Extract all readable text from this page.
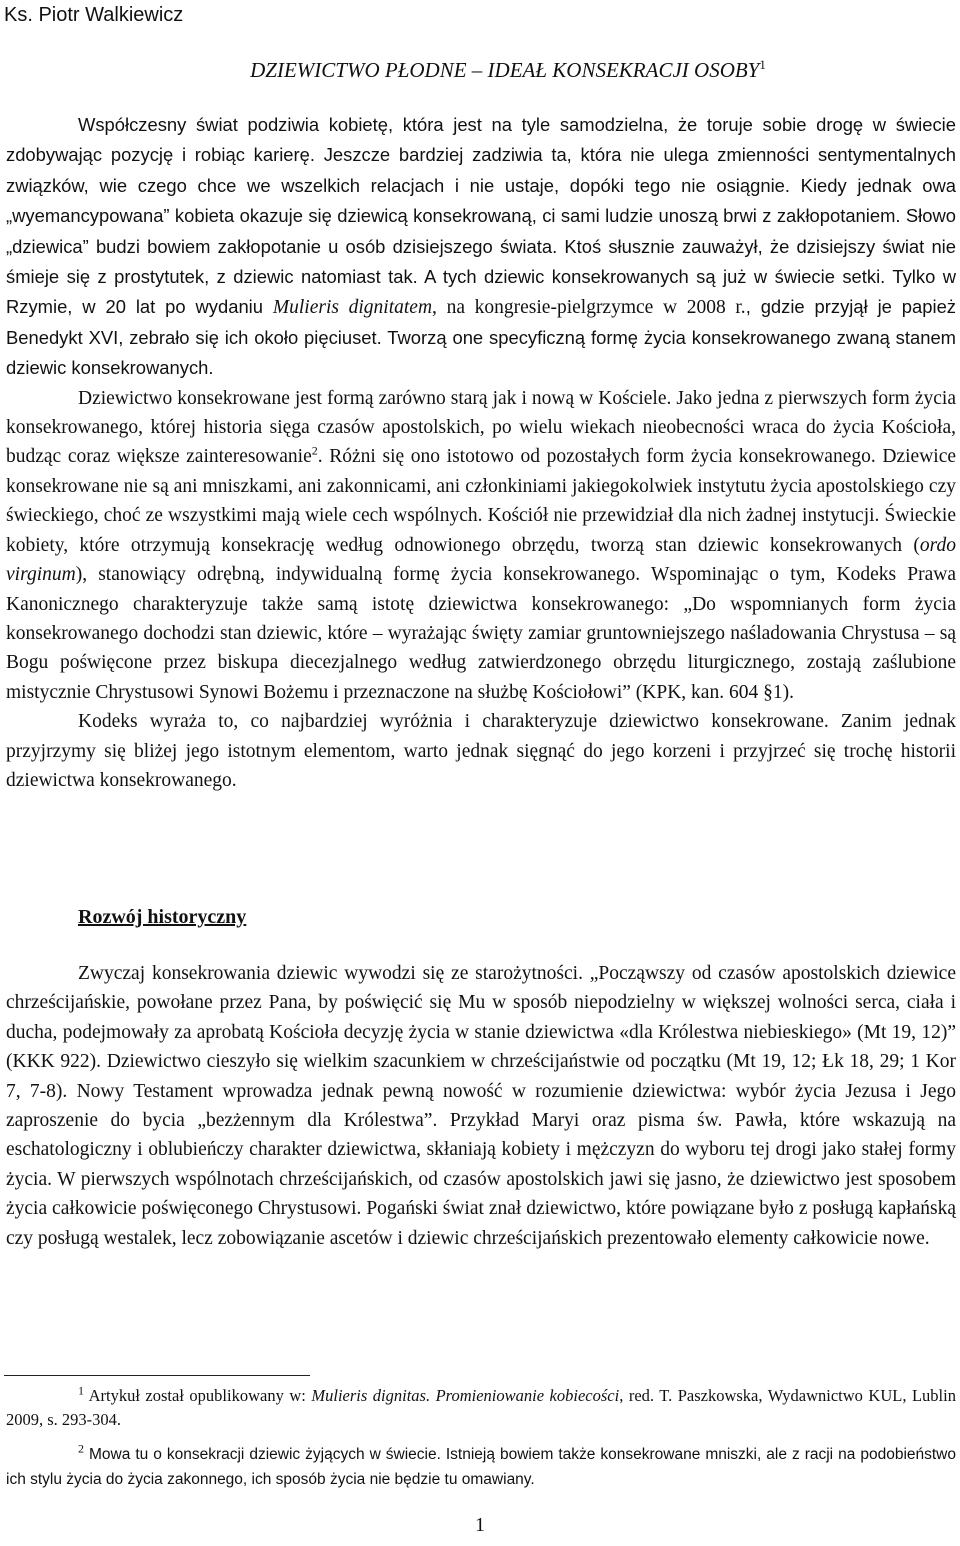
Ks. Piotr Walkiewicz
DZIEWICTWO PŁODNE – IDEAŁ KONSEKRACJI OSOBY$^1$

Współczesny świat podziwia kobietę, która jest na tyle samodzielna, że toruje sobie drogę w świecie zdobywając pozycję i robiąc karierę. Jeszcze bardziej zadziwia ta, która nie ulega zmienności sentymentalnych związków, wie czego chce we wszelkich relacjach i nie ustaje, dopóki tego nie osiągnie. Kiedy jednak owa „wyemancypowana” kobieta okazuje się dziewicą konsekrowaną, ci sami ludzie unoszą brwi z zakłopotaniem. Słowo „dziewica” budzi bowiem zakłopotanie u osób dzisiejszego świata. Ktoś słusznie zauważył, że dzisiejszy świat nie śmieje się z prostytutek, z dziewic natomiast tak. A tych dziewic konsekrowanych są już w świecie setki. Tylko w Rzymie, w 20 lat po wydaniu Mulieris dignitatem, na kongresie-pielgrzymce w 2008 r., gdzie przyjął je papież Benedykt XVI, zebrało się ich około pięciuset. Tworzą one specyficzną formę życia konsekrowanego zwaną stanem dziewic konsekrowanych.

Dziewictwo konsekrowane jest formą zarówno starą jak i nową w Kościele. Jako jedna z pierwszych form życia konsekrowanego, której historia sięga czasów apostolskich, po wielu wiekach nieobecności wraca do życia Kościoła, budząc coraz większe zainteresowanie$^2$. Różni się ono istotowo od pozostałych form życia konsekrowanego. Dziewice konsekrowane nie są ani mniszkami, ani zakonnicami, ani członkiniami jakiegokolwiek instytutu życia apostolskiego czy świeckiego, choć ze wszystkimi mają wiele cech wspólnych. Kościół nie przewidział dla nich żadnej instytucji. Świeckie kobiety, które otrzymują konsekrację według odnowionego obrzędu, tworzą stan dziewic konsekrowanych (ordo virginum), stanowiący odrębną, indywidualną formę życia konsekrowanego. Wspominając o tym, Kodeks Prawa Kanonicznego charakteryzuje także samą istotę dziewictwa konsekrowanego: „Do wspomnianych form życia konsekrowanego dochodzi stan dziewic, które – wyrażając święty zamiar gruntowniejszego naśladowania Chrystusa – są Bogu poświęcone przez biskupa diecezjalnego według zatwierdzonego obrzędu liturgicznego, zostają zaślubione mistycznie Chrystusowi Synowi Bożemu i przeznaczone na służbę Kościołowi” (KPK, kan. 604 §1).

Kodeks wyraża to, co najbardziej wyróżnia i charakteryzuje dziewictwo konsekrowane. Zanim jednak przyjrzymy się bliżej jego istotnym elementom, warto jednak sięgnąć do jego korzeni i przyjrzeć się trochę historii dziewictwa konsekrowanego.

Rozwój historyczny

Zwyczaj konsekrowania dziewic wywodzi się ze starożytności. „Począwszy od czasów apostolskich dziewice chrześcijańskie, powołane przez Pana, by poświęcić się Mu w sposób niepodzielny w większej wolności serca, ciała i ducha, podejmowały za aprobatą Kościoła decyzję życia w stanie dziewictwa «dla Królestwa niebieskiego» (Mt 19, 12)” (KKK 922). Dziewictwo cieszyło się wielkim szacunkiem w chrześcijaństwie od początku (Mt 19, 12; Łk 18, 29; 1 Kor 7, 7-8). Nowy Testament wprowadza jednak pewną nowość w rozumienie dziewictwa: wybór życia Jezusa i Jego zaproszenie do bycia „bezżennym dla Królestwa”. Przykład Maryi oraz pisma św. Pawła, które wskazują na eschatologiczny i oblubieńczy charakter dziewictwa, skłaniają kobiety i mężczyzn do wyboru tej drogi jako stałej formy życia. W pierwszych wspólnotach chrześcijańskich, od czasów apostolskich jawi się jasno, że dziewictwo jest sposobem życia całkowicie poświęconego Chrystusowi. Pogański świat znał dziewictwo, które powiązane było z posługą kapłańską czy posługą westalek, lecz zobowiązanie ascetów i dziewic chrześcijańskich prezentowało elementy całkowicie nowe.

$^1$ Artykuł został opublikowany w: Mulieris dignitas. Promieniowanie kobiecości, red. T. Paszkowska, Wydawnictwo KUL, Lublin 2009, s. 293-304.

$^2$ Mowa tu o konsekracji dziewic żyjących w świecie. Istnieją bowiem także konsekrowane mniszki, ale z racji na podobieństwo ich stylu życia do życia zakonnego, ich sposób życia nie będzie tu omawiany.

1
